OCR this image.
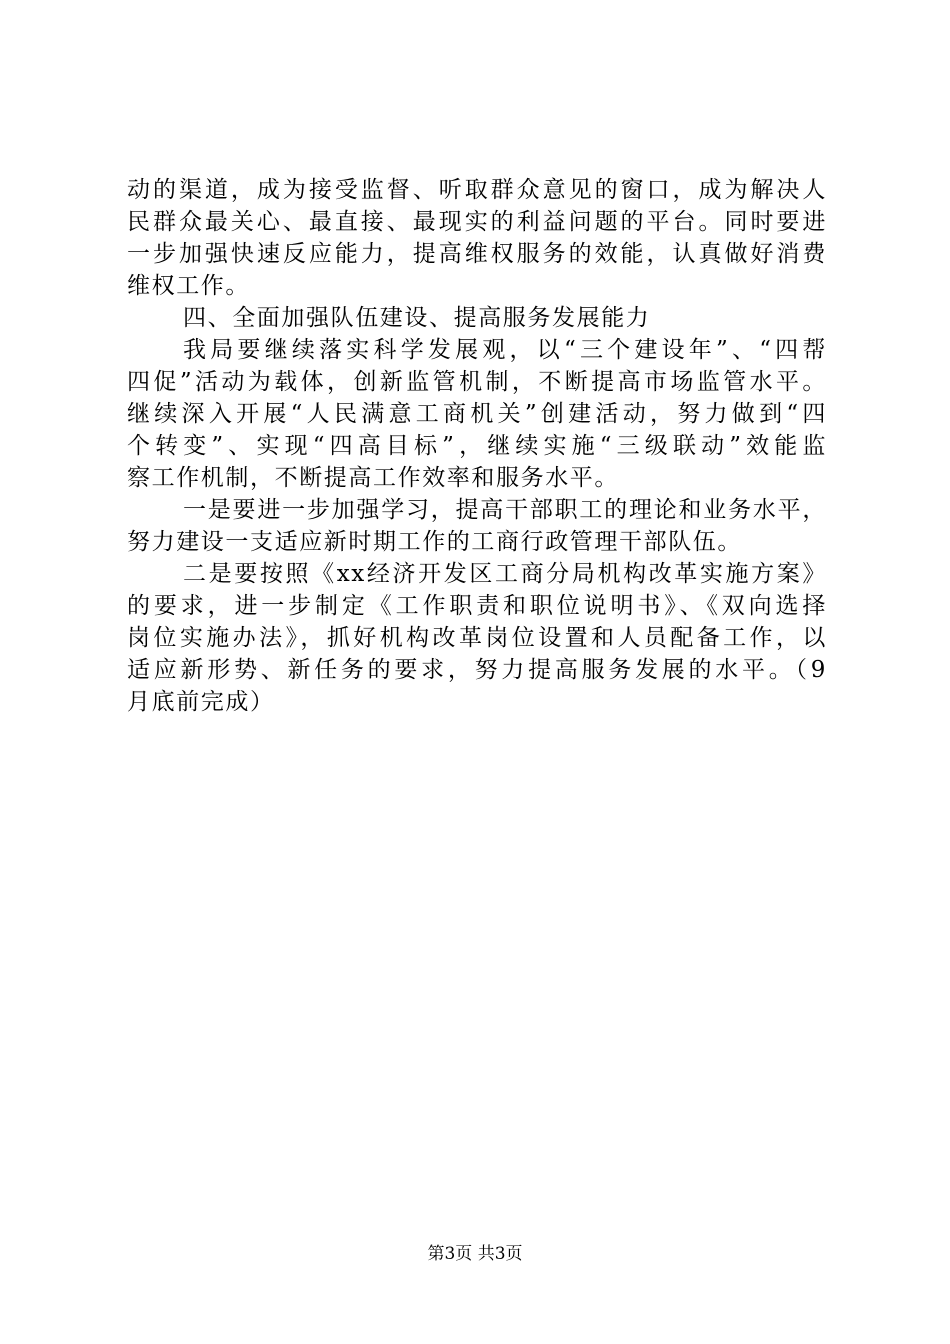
动的渠道，成为接受监督、听取群众意见的窗口，成为解决人
民群众最关心、最直接、最现实的利益问题的平台。同时要进
一步加强快速反应能力，提高维权服务的效能，认真做好消费
维权工作。
四、全面加强队伍建设、提高服务发展能力
我局要继续落实科学发展观，以“三个建设年”、“四帮
四促”活动为载体，创新监管机制，不断提高市场监管水平。
继续深入开展“人民满意工商机关”创建活动，努力做到“四
个转变”、实现“四高目标”，继续实施“三级联动”效能监
察工作机制，不断提高工作效率和服务水平。
一是要进一步加强学习，提高干部职工的理论和业务水平，
努力建设一支适应新时期工作的工商行政管理干部队伍。
二是要按照《xx经济开发区工商分局机构改革实施方案》
的要求，进一步制定《工作职责和职位说明书》、《双向选择
岗位实施办法》，抓好机构改革岗位设置和人员配备工作，以
适应新形势、新任务的要求，努力提高服务发展的水平。（9
月底前完成）
第3页 共3页
